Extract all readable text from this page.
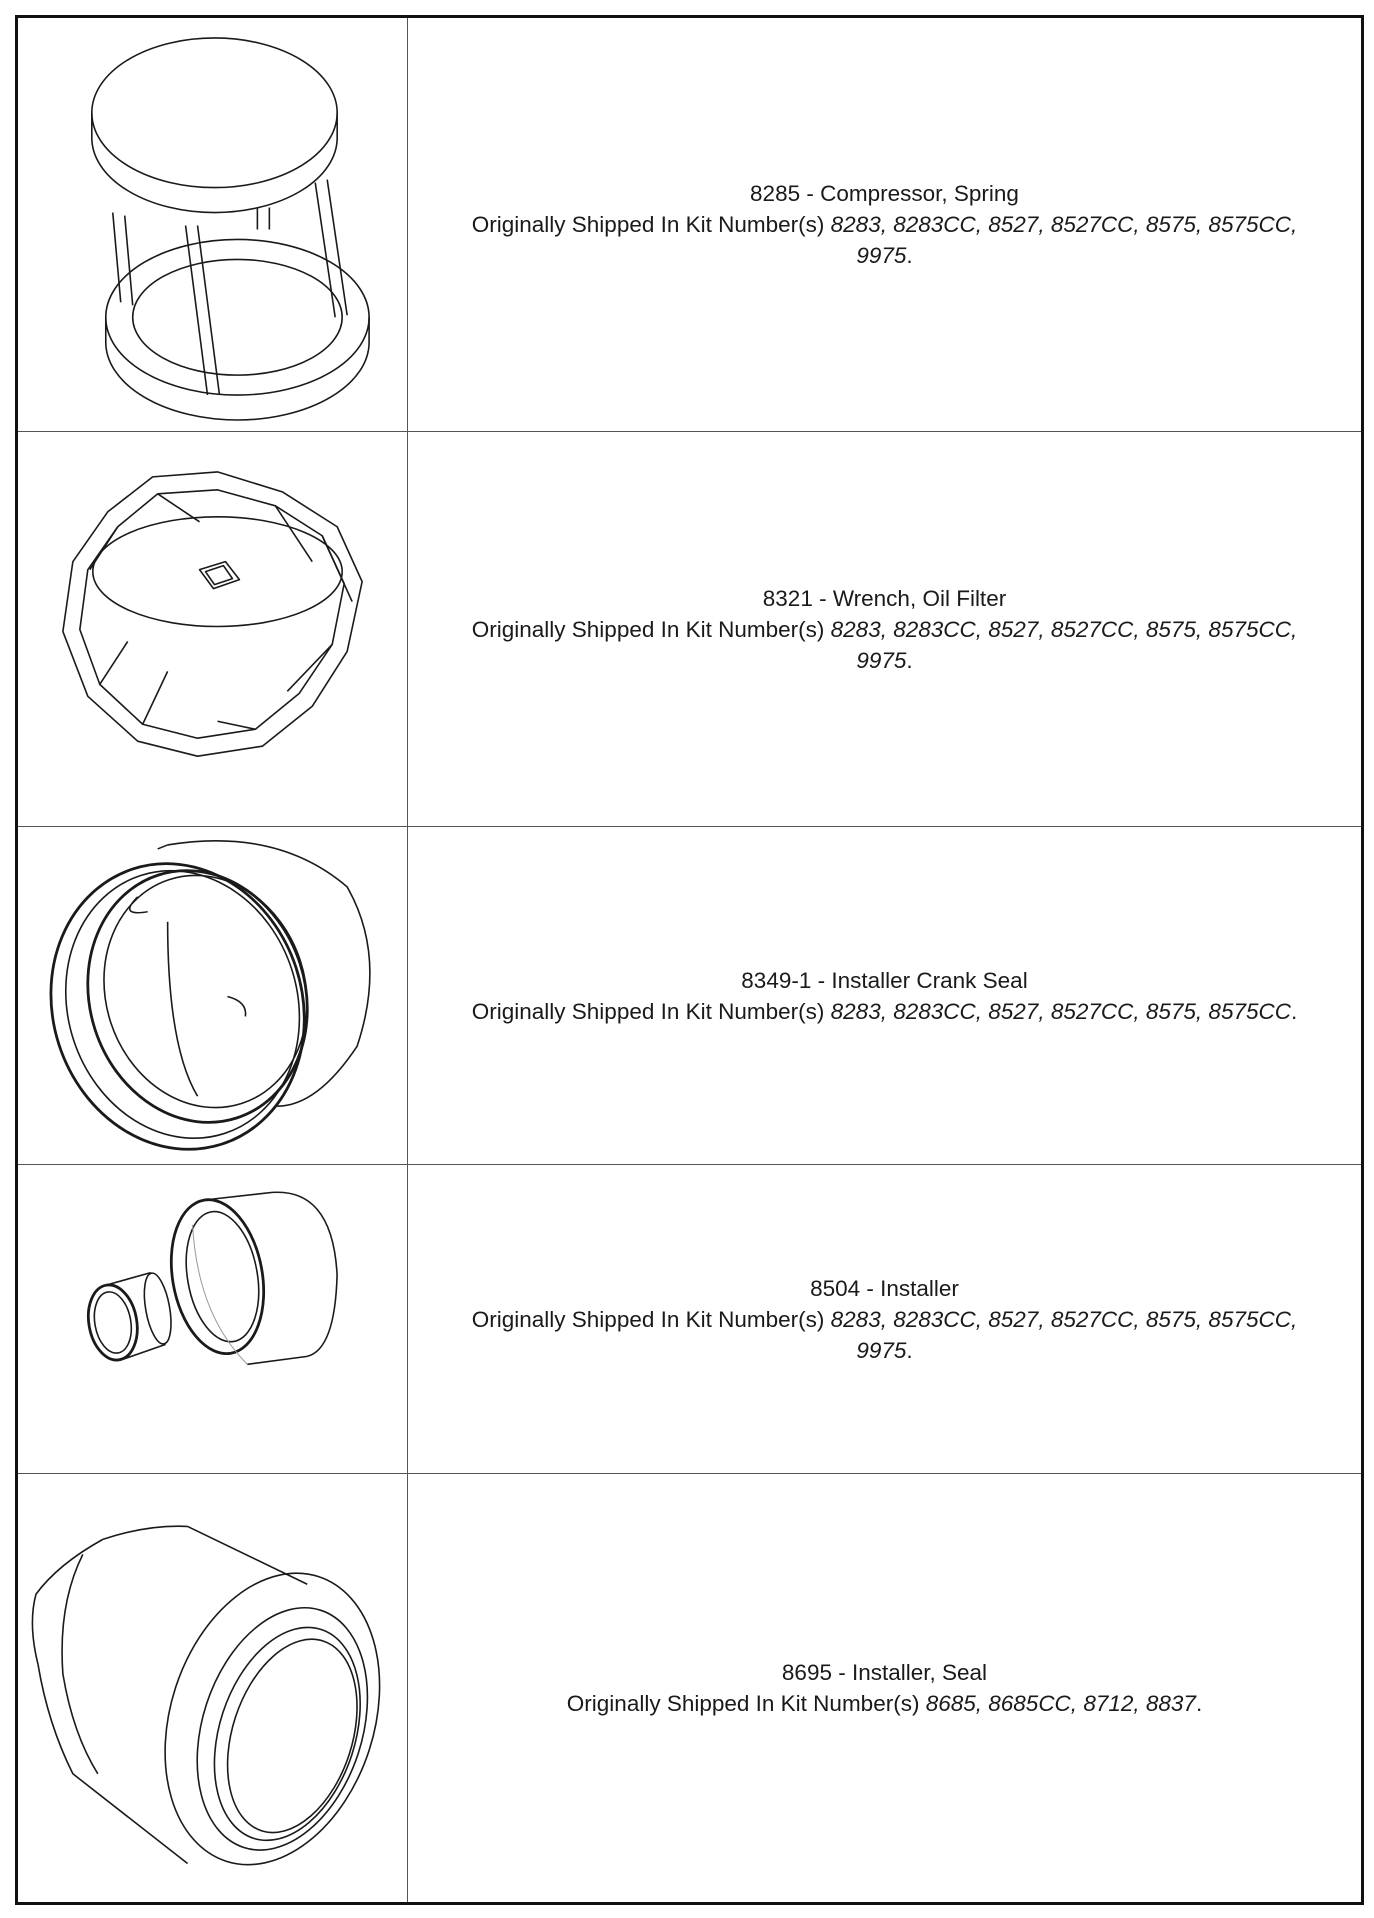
8285 - Compressor, Spring
Originally Shipped In Kit Number(s) 8283, 8283CC, 8527, 8527CC, 8575, 8575CC,
9975.
8321 - Wrench, Oil Filter
Originally Shipped In Kit Number(s) 8283, 8283CC, 8527, 8527CC, 8575, 8575CC,
9975.
8349-1 - Installer Crank Seal
Originally Shipped In Kit Number(s) 8283, 8283CC, 8527, 8527CC, 8575, 8575CC.
8504 - Installer
Originally Shipped In Kit Number(s) 8283, 8283CC, 8527, 8527CC, 8575, 8575CC,
9975.
8695 - Installer, Seal
Originally Shipped In Kit Number(s) 8685, 8685CC, 8712, 8837.
